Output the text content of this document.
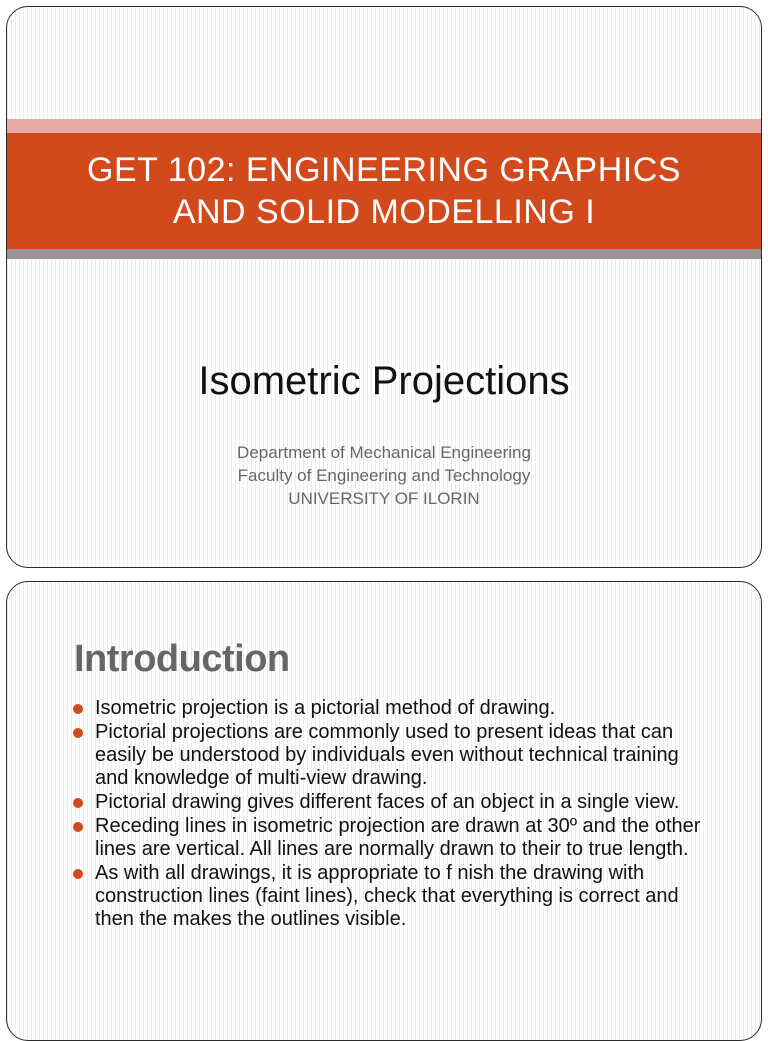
GET 102: ENGINEERING GRAPHICS
AND SOLID MODELLING I
Isometric Projections
Department of Mechanical Engineering
Faculty of Engineering and Technology
UNIVERSITY OF ILORIN
Introduction
Isometric projection is a pictorial method of drawing.
Pictorial projections are commonly used to present ideas that can easily be understood by individuals even without technical training and knowledge of multi-view drawing.
Pictorial drawing gives different faces of an object in a single view.
Receding lines in isometric projection are drawn at 30º and the other lines are vertical. All lines are normally drawn to their to true length.
As with all drawings, it is appropriate to f nish the drawing with construction lines (faint lines), check that everything is correct and then the makes the outlines visible.
